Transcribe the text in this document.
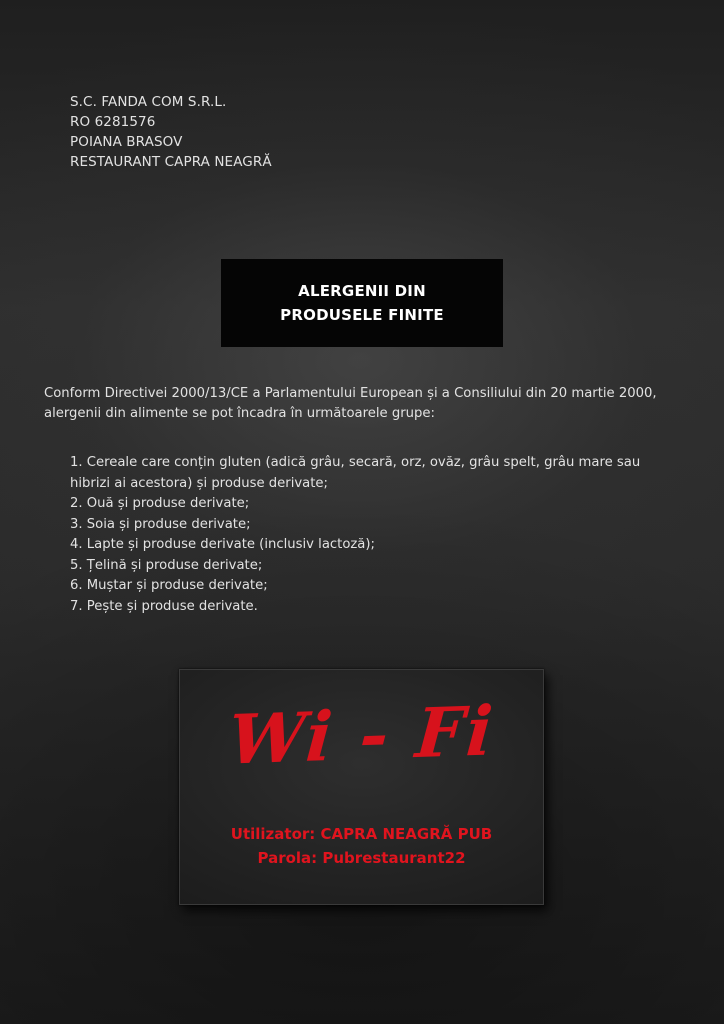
S.C. FANDA COM S.R.L.
RO 6281576
POIANA BRASOV
RESTAURANT CAPRA NEAGRĂ
ALERGENII DIN
PRODUSELE FINITE
Conform Directivei 2000/13/CE a Parlamentului European și a Consiliului din 20 martie 2000,
alergenii din alimente se pot încadra în următoarele grupe:
1. Cereale care conțin gluten (adică grâu, secară, orz, ovăz, grâu spelt, grâu mare sau
hibrizi ai acestora) și produse derivate;
2. Ouă și produse derivate;
3. Soia și produse derivate;
4. Lapte și produse derivate (inclusiv lactoză);
5. Țelină și produse derivate;
6. Muștar și produse derivate;
7. Pește și produse derivate.
Wi - Fi
Utilizator: CAPRA NEAGRĂ PUB
Parola: Pubrestaurant22
